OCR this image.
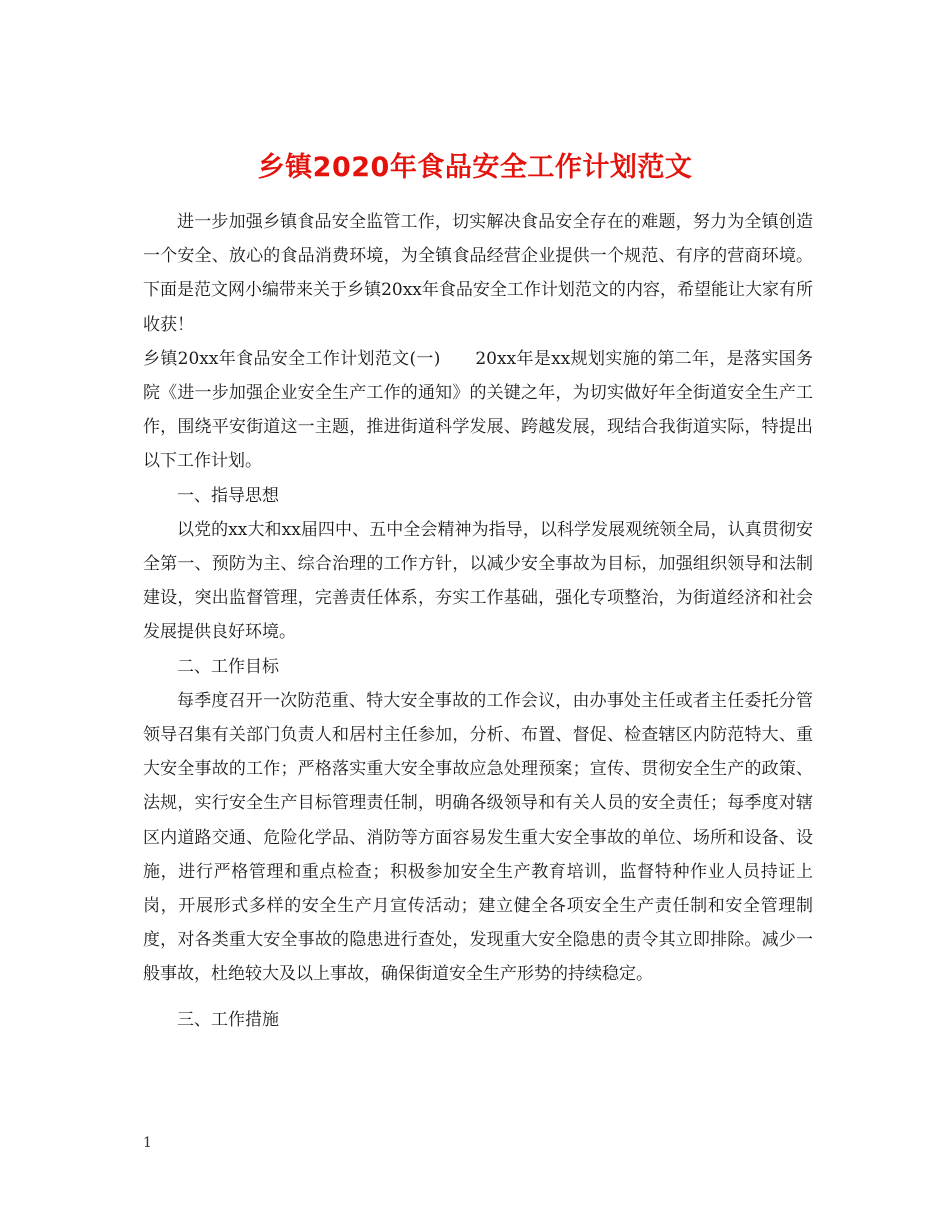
乡镇2020年食品安全工作计划范文

进一步加强乡镇食品安全监管工作，切实解决食品安全存在的难题，努力为全镇创造一个安全、放心的食品消费环境，为全镇食品经营企业提供一个规范、有序的营商环境。下面是范文网小编带来关于乡镇20xx年食品安全工作计划范文的内容，希望能让大家有所收获！

乡镇20xx年食品安全工作计划范文(一)　　20xx年是xx规划实施的第二年，是落实国务院《进一步加强企业安全生产工作的通知》的关键之年，为切实做好年全街道安全生产工作，围绕平安街道这一主题，推进街道科学发展、跨越发展，现结合我街道实际，特提出以下工作计划。

一、指导思想

以党的xx大和xx届四中、五中全会精神为指导，以科学发展观统领全局，认真贯彻安全第一、预防为主、综合治理的工作方针，以减少安全事故为目标，加强组织领导和法制建设，突出监督管理，完善责任体系，夯实工作基础，强化专项整治，为街道经济和社会发展提供良好环境。

二、工作目标

每季度召开一次防范重、特大安全事故的工作会议，由办事处主任或者主任委托分管领导召集有关部门负责人和居村主任参加，分析、布置、督促、检查辖区内防范特大、重大安全事故的工作；严格落实重大安全事故应急处理预案；宣传、贯彻安全生产的政策、法规，实行安全生产目标管理责任制，明确各级领导和有关人员的安全责任；每季度对辖区内道路交通、危险化学品、消防等方面容易发生重大安全事故的单位、场所和设备、设施，进行严格管理和重点检查；积极参加安全生产教育培训，监督特种作业人员持证上岗，开展形式多样的安全生产月宣传活动；建立健全各项安全生产责任制和安全管理制度，对各类重大安全事故的隐患进行查处，发现重大安全隐患的责令其立即排除。减少一般事故，杜绝较大及以上事故，确保街道安全生产形势的持续稳定。

三、工作措施

1
